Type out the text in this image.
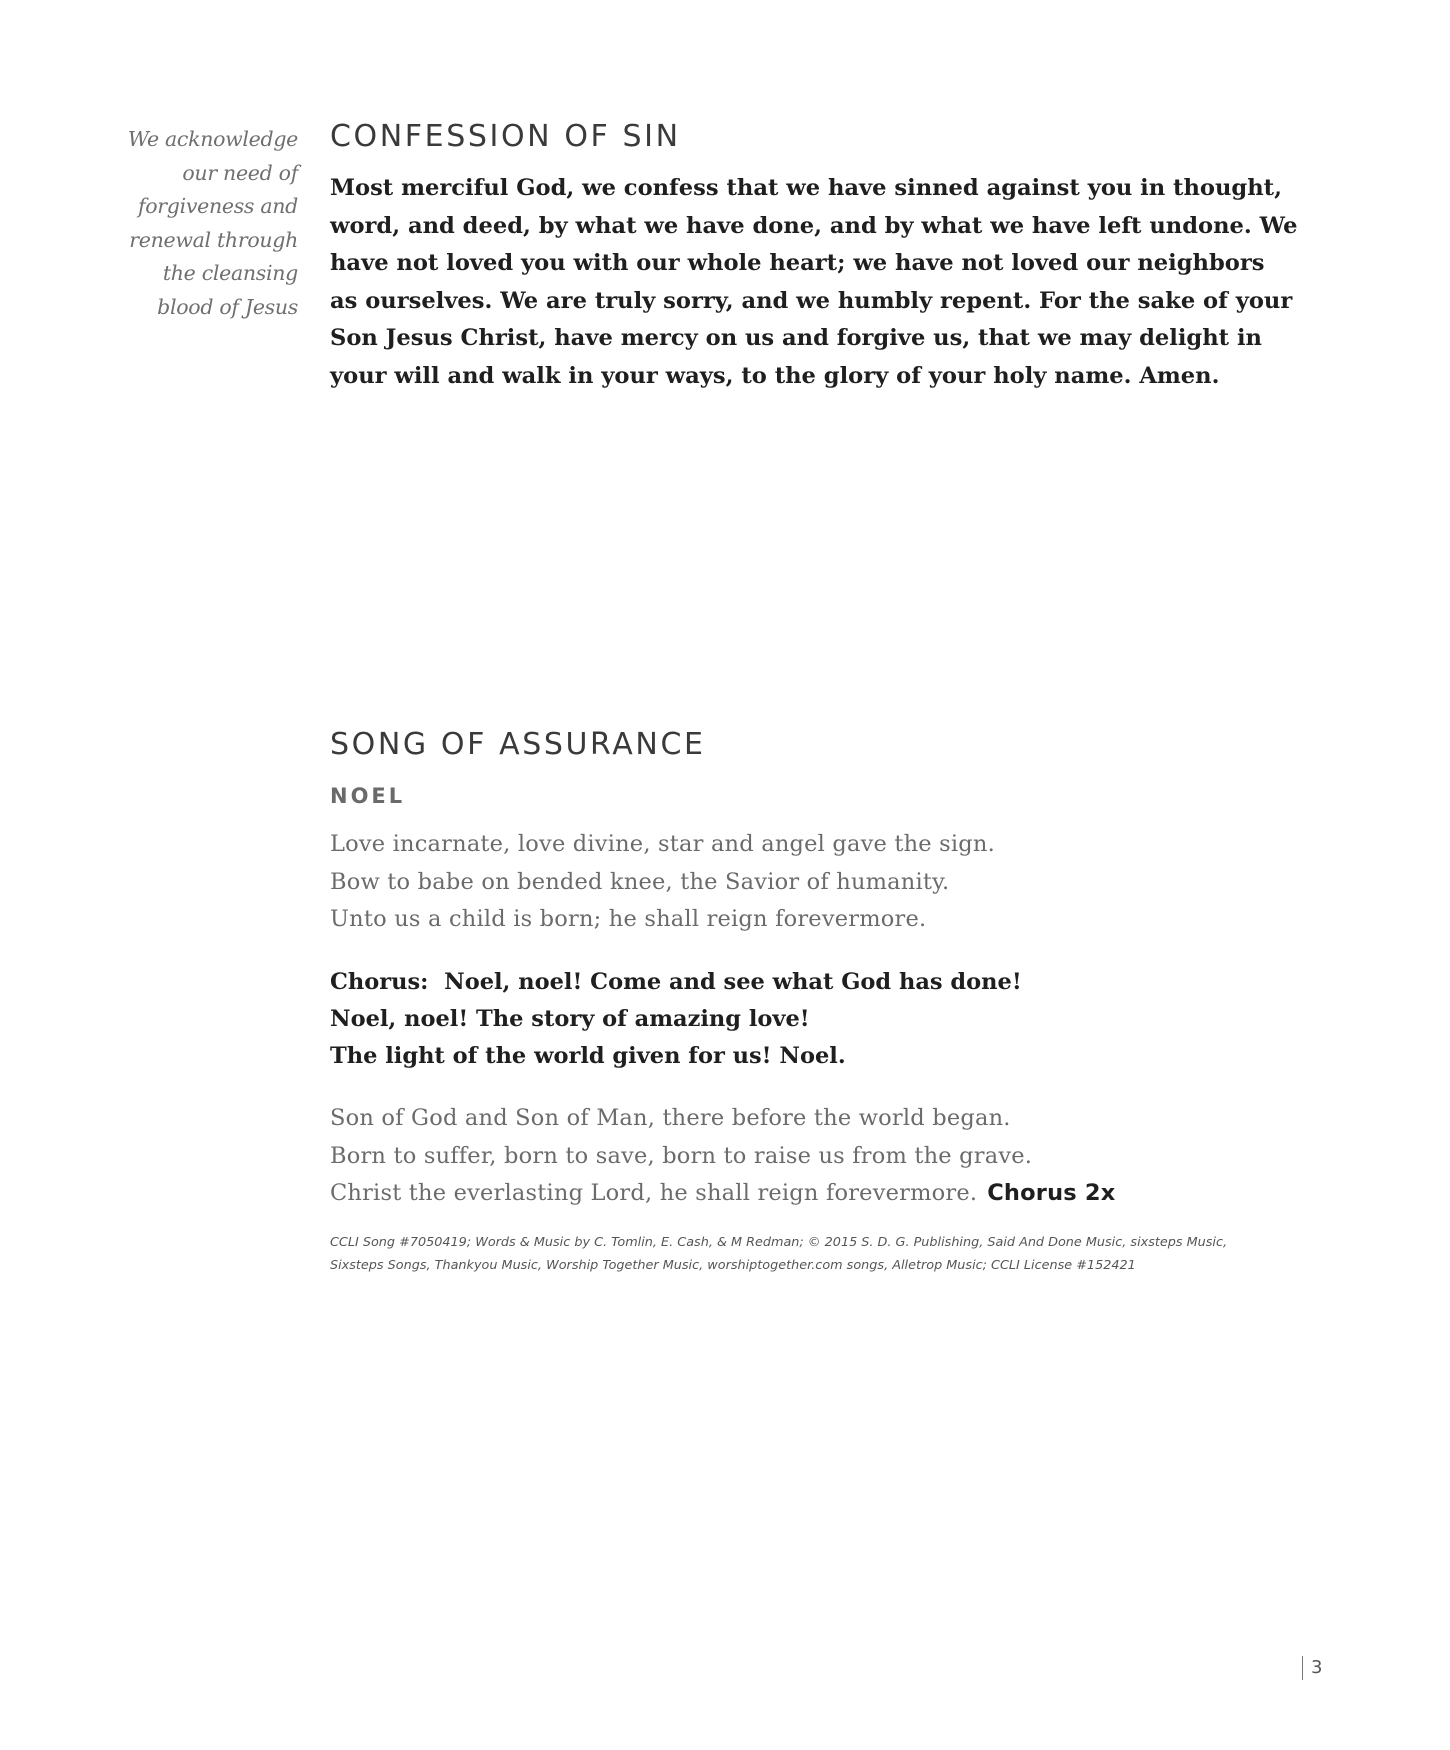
We acknowledge
our need of
forgiveness and
renewal through
the cleansing
blood of Jesus
CONFESSION OF SIN
Most merciful God, we confess that we have sinned against you in thought,
word, and deed, by what we have done, and by what we have left undone. We
have not loved you with our whole heart; we have not loved our neighbors
as ourselves. We are truly sorry, and we humbly repent. For the sake of your
Son Jesus Christ, have mercy on us and forgive us, that we may delight in
your will and walk in your ways, to the glory of your holy name. Amen.
SONG OF ASSURANCE
NOEL
Love incarnate, love divine, star and angel gave the sign.
Bow to babe on bended knee, the Savior of humanity.
Unto us a child is born; he shall reign forevermore.
Chorus:  Noel, noel! Come and see what God has done!
Noel, noel! The story of amazing love!
The light of the world given for us! Noel.
Son of God and Son of Man, there before the world began.
Born to suffer, born to save, born to raise us from the grave.
Christ the everlasting Lord, he shall reign forevermore. Chorus 2x
CCLI Song #7050419; Words & Music by C. Tomlin, E. Cash, & M Redman; © 2015 S. D. G. Publishing, Said And Done Music, sixsteps Music,
Sixsteps Songs, Thankyou Music, Worship Together Music, worshiptogether.com songs, Alletrop Music; CCLI License #152421
3
